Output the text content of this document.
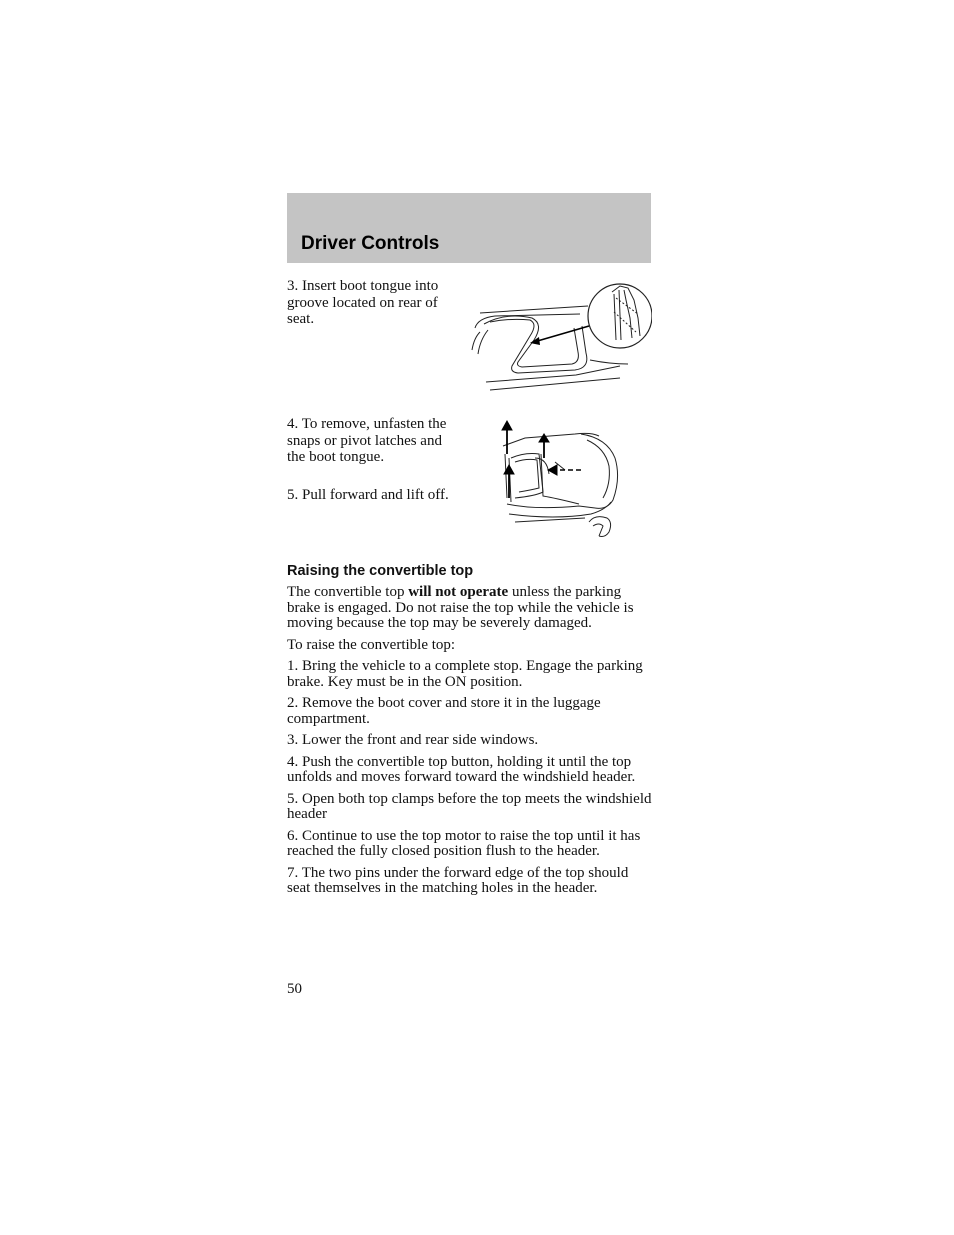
Driver Controls
3. Insert boot tongue into groove located on rear of seat.
4. To remove, unfasten the snaps or pivot latches and the boot tongue.
5. Pull forward and lift off.
Raising the convertible top

The convertible top will not operate unless the parking brake is engaged. Do not raise the top while the vehicle is moving because the top may be severely damaged.

To raise the convertible top:

1. Bring the vehicle to a complete stop. Engage the parking brake. Key must be in the ON position.

2. Remove the boot cover and store it in the luggage compartment.

3. Lower the front and rear side windows.

4. Push the convertible top button, holding it until the top unfolds and moves forward toward the windshield header.

5. Open both top clamps before the top meets the windshield header

6. Continue to use the top motor to raise the top until it has reached the fully closed position flush to the header.

7. The two pins under the forward edge of the top should seat themselves in the matching holes in the header.

50
